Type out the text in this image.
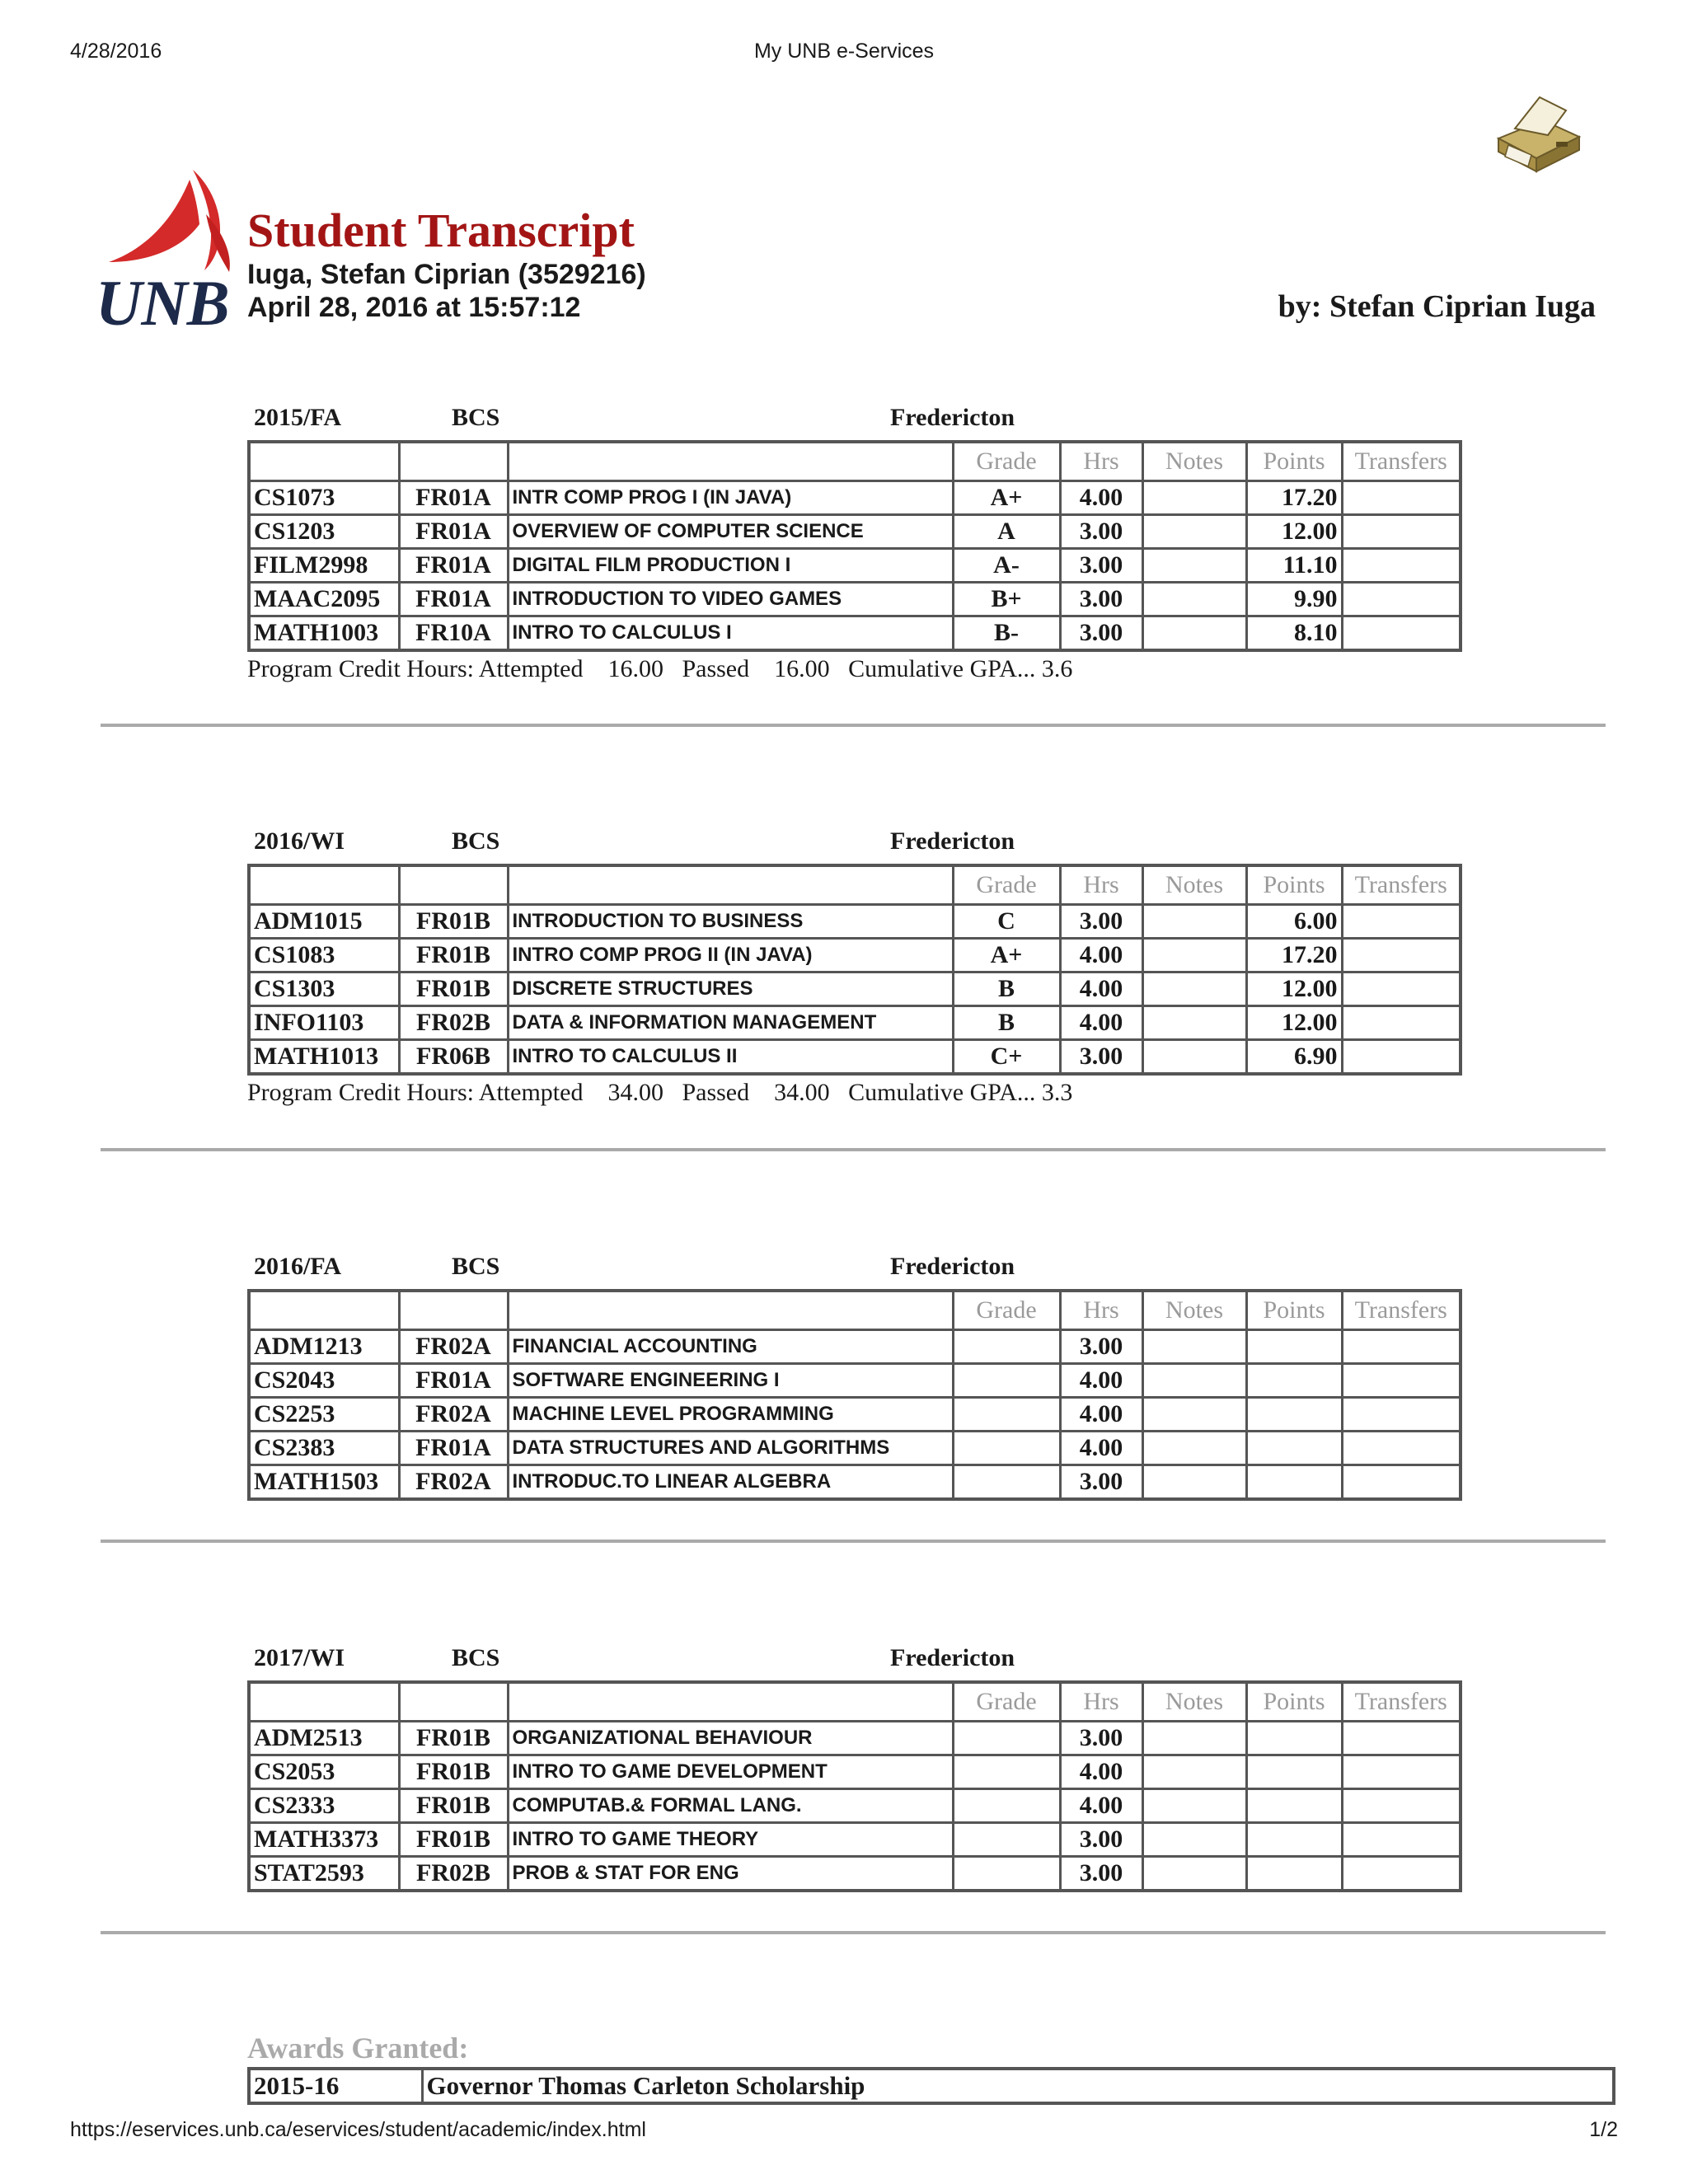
4/28/2016	My UNB e-Services
UNB
Student Transcript
Iuga, Stefan Ciprian (3529216)
April 28, 2016 at 15:57:12	by: Stefan Ciprian Iuga
2015/FA	BCS	Fredericton
			Grade	Hrs	Notes	Points	Transfers
CS1073	FR01A	INTR COMP PROG I (IN JAVA)	A+	4.00		17.20	
CS1203	FR01A	OVERVIEW OF COMPUTER SCIENCE	A	3.00		12.00	
FILM2998	FR01A	DIGITAL FILM PRODUCTION I	A-	3.00		11.10	
MAAC2095	FR01A	INTRODUCTION TO VIDEO GAMES	B+	3.00		9.90	
MATH1003	FR10A	INTRO TO CALCULUS I	B-	3.00		8.10	
Program Credit Hours: Attempted    16.00   Passed    16.00   Cumulative GPA... 3.6
2016/WI	BCS	Fredericton
			Grade	Hrs	Notes	Points	Transfers
ADM1015	FR01B	INTRODUCTION TO BUSINESS	C	3.00		6.00	
CS1083	FR01B	INTRO COMP PROG II (IN JAVA)	A+	4.00		17.20	
CS1303	FR01B	DISCRETE STRUCTURES	B	4.00		12.00	
INFO1103	FR02B	DATA & INFORMATION MANAGEMENT	B	4.00		12.00	
MATH1013	FR06B	INTRO TO CALCULUS II	C+	3.00		6.90	
Program Credit Hours: Attempted    34.00   Passed    34.00   Cumulative GPA... 3.3
2016/FA	BCS	Fredericton
			Grade	Hrs	Notes	Points	Transfers
ADM1213	FR02A	FINANCIAL ACCOUNTING		3.00			
CS2043	FR01A	SOFTWARE ENGINEERING I		4.00			
CS2253	FR02A	MACHINE LEVEL PROGRAMMING		4.00			
CS2383	FR01A	DATA STRUCTURES AND ALGORITHMS		4.00			
MATH1503	FR02A	INTRODUC.TO LINEAR ALGEBRA		3.00			
2017/WI	BCS	Fredericton
			Grade	Hrs	Notes	Points	Transfers
ADM2513	FR01B	ORGANIZATIONAL BEHAVIOUR		3.00			
CS2053	FR01B	INTRO TO GAME DEVELOPMENT		4.00			
CS2333	FR01B	COMPUTAB.& FORMAL LANG.		4.00			
MATH3373	FR01B	INTRO TO GAME THEORY		3.00			
STAT2593	FR02B	PROB & STAT FOR ENG		3.00			
Awards Granted:
2015-16	Governor Thomas Carleton Scholarship
https://eservices.unb.ca/eservices/student/academic/index.html	1/2
